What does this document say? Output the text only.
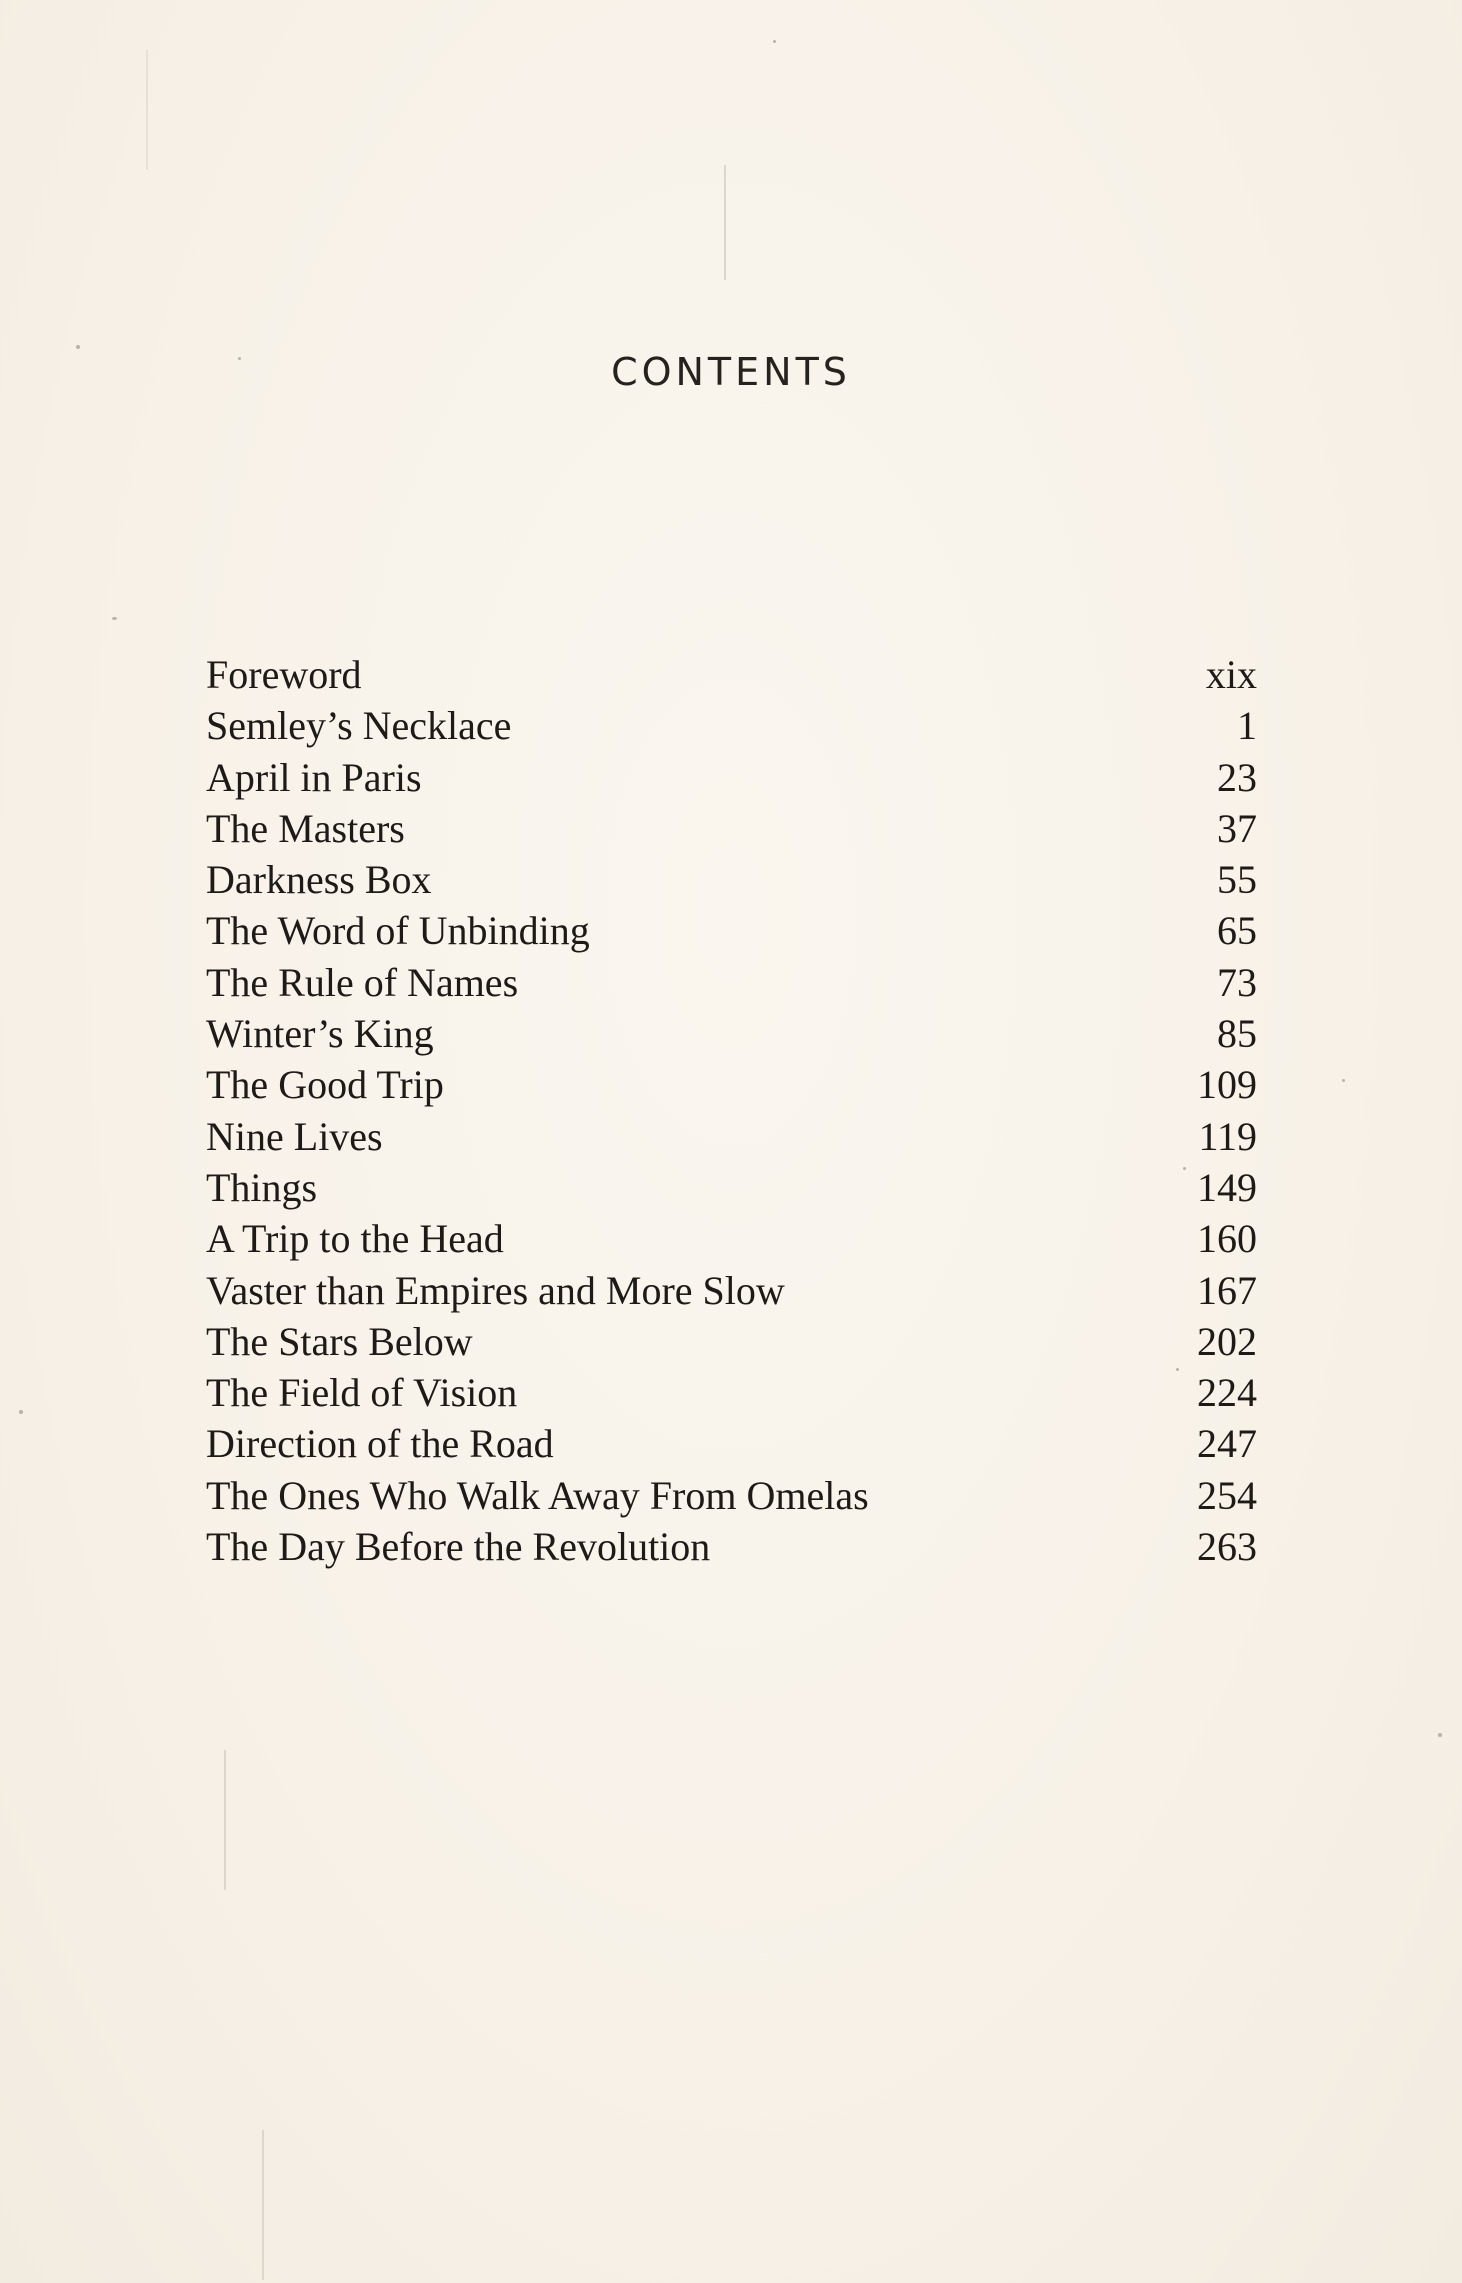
CONTENTS
Foreword	xix
Semley’s Necklace	1
April in Paris	23
The Masters	37
Darkness Box	55
The Word of Unbinding	65
The Rule of Names	73
Winter’s King	85
The Good Trip	109
Nine Lives	119
Things	149
A Trip to the Head	160
Vaster than Empires and More Slow	167
The Stars Below	202
The Field of Vision	224
Direction of the Road	247
The Ones Who Walk Away From Omelas	254
The Day Before the Revolution	263
